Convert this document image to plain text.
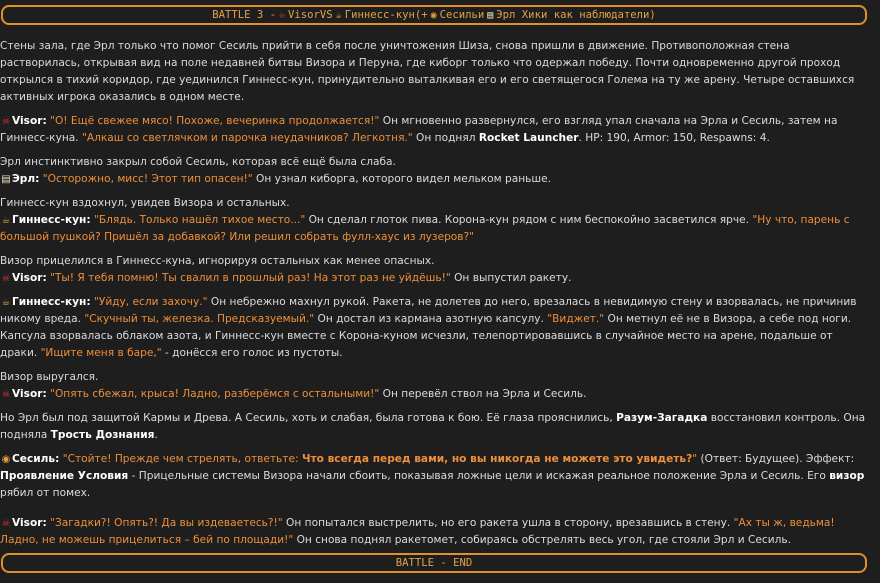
BATTLE 3 - ☠ Visor VS ☕ Гиннесс-кун (+ ◉ Сесиль и ▤ Эрл Хики как наблюдатели)
Стены зала, где Эрл только что помог Сесиль прийти в себя после уничтожения Шиза, снова пришли в движение. Противоположная стена растворилась, открывая вид на поле недавней битвы Визора и Перуна, где киборг только что одержал победу. Почти одновременно другой проход открылся в тихий коридор, где уединился Гиннесс-кун, принудительно выталкивая его и его светящегося Голема на ту же арену. Четыре оставшихся активных игрока оказались в одном месте.
☠ Visor: "О! Ещё свежее мясо! Похоже, вечеринка продолжается!" Он мгновенно развернулся, его взгляд упал сначала на Эрла и Сесиль, затем на Гиннесс-куна. "Алкаш со светлячком и парочка неудачников? Легкотня." Он поднял Rocket Launcher. HP: 190, Armor: 150, Respawns: 4.
Эрл инстинктивно закрыл собой Сесиль, которая всё ещё была слаба.
▤Эрл: "Осторожно, мисс! Этот тип опасен!" Он узнал киборга, которого видел мельком раньше.
Гиннесс-кун вздохнул, увидев Визора и остальных.
☕ Гиннесс-кун: "Блядь. Только нашёл тихое место..." Он сделал глоток пива. Корона-кун рядом с ним беспокойно засветился ярче. "Ну что, парень с большой пушкой? Пришёл за добавкой? Или решил собрать фулл-хаус из лузеров?"
Визор прицелился в Гиннесс-куна, игнорируя остальных как менее опасных.
☠ Visor: "Ты! Я тебя помню! Ты свалил в прошлый раз! На этот раз не уйдёшь!" Он выпустил ракету.
☕ Гиннесс-кун: "Уйду, если захочу." Он небрежно махнул рукой. Ракета, не долетев до него, врезалась в невидимую стену и взорвалась, не причинив никому вреда. "Скучный ты, железка. Предсказуемый." Он достал из кармана азотную капсулу. "Виджет." Он метнул её не в Визора, а себе под ноги. Капсула взорвалась облаком азота, и Гиннесс-кун вместе с Корона-куном исчезли, телепортировавшись в случайное место на арене, подальше от драки. "Ищите меня в баре," - донёсся его голос из пустоты.
Визор выругался.
☠ Visor: "Опять сбежал, крыса! Ладно, разберёмся с остальными!" Он перевёл ствол на Эрла и Сесиль.
Но Эрл был под защитой Кармы и Древа. А Сесиль, хоть и слабая, была готова к бою. Её глаза прояснились, Разум-Загадка восстановил контроль. Она подняла Трость Дознания.
◉ Сесиль: "Стойте! Прежде чем стрелять, ответьте: Что всегда перед вами, но вы никогда не можете это увидеть?" (Ответ: Будущее). Эффект: Проявление Условия - Прицельные системы Визора начали сбоить, показывая ложные цели и искажая реальное положение Эрла и Сесиль. Его визор рябил от помех.
☠ Visor: "Загадки?! Опять?! Да вы издеваетесь?!" Он попытался выстрелить, но его ракета ушла в сторону, врезавшись в стену. "Ах ты ж, ведьма! Ладно, не можешь прицелиться – бей по площади!" Он снова поднял ракетомет, собираясь обстрелять весь угол, где стояли Эрл и Сесиль.
BATTLE - END
